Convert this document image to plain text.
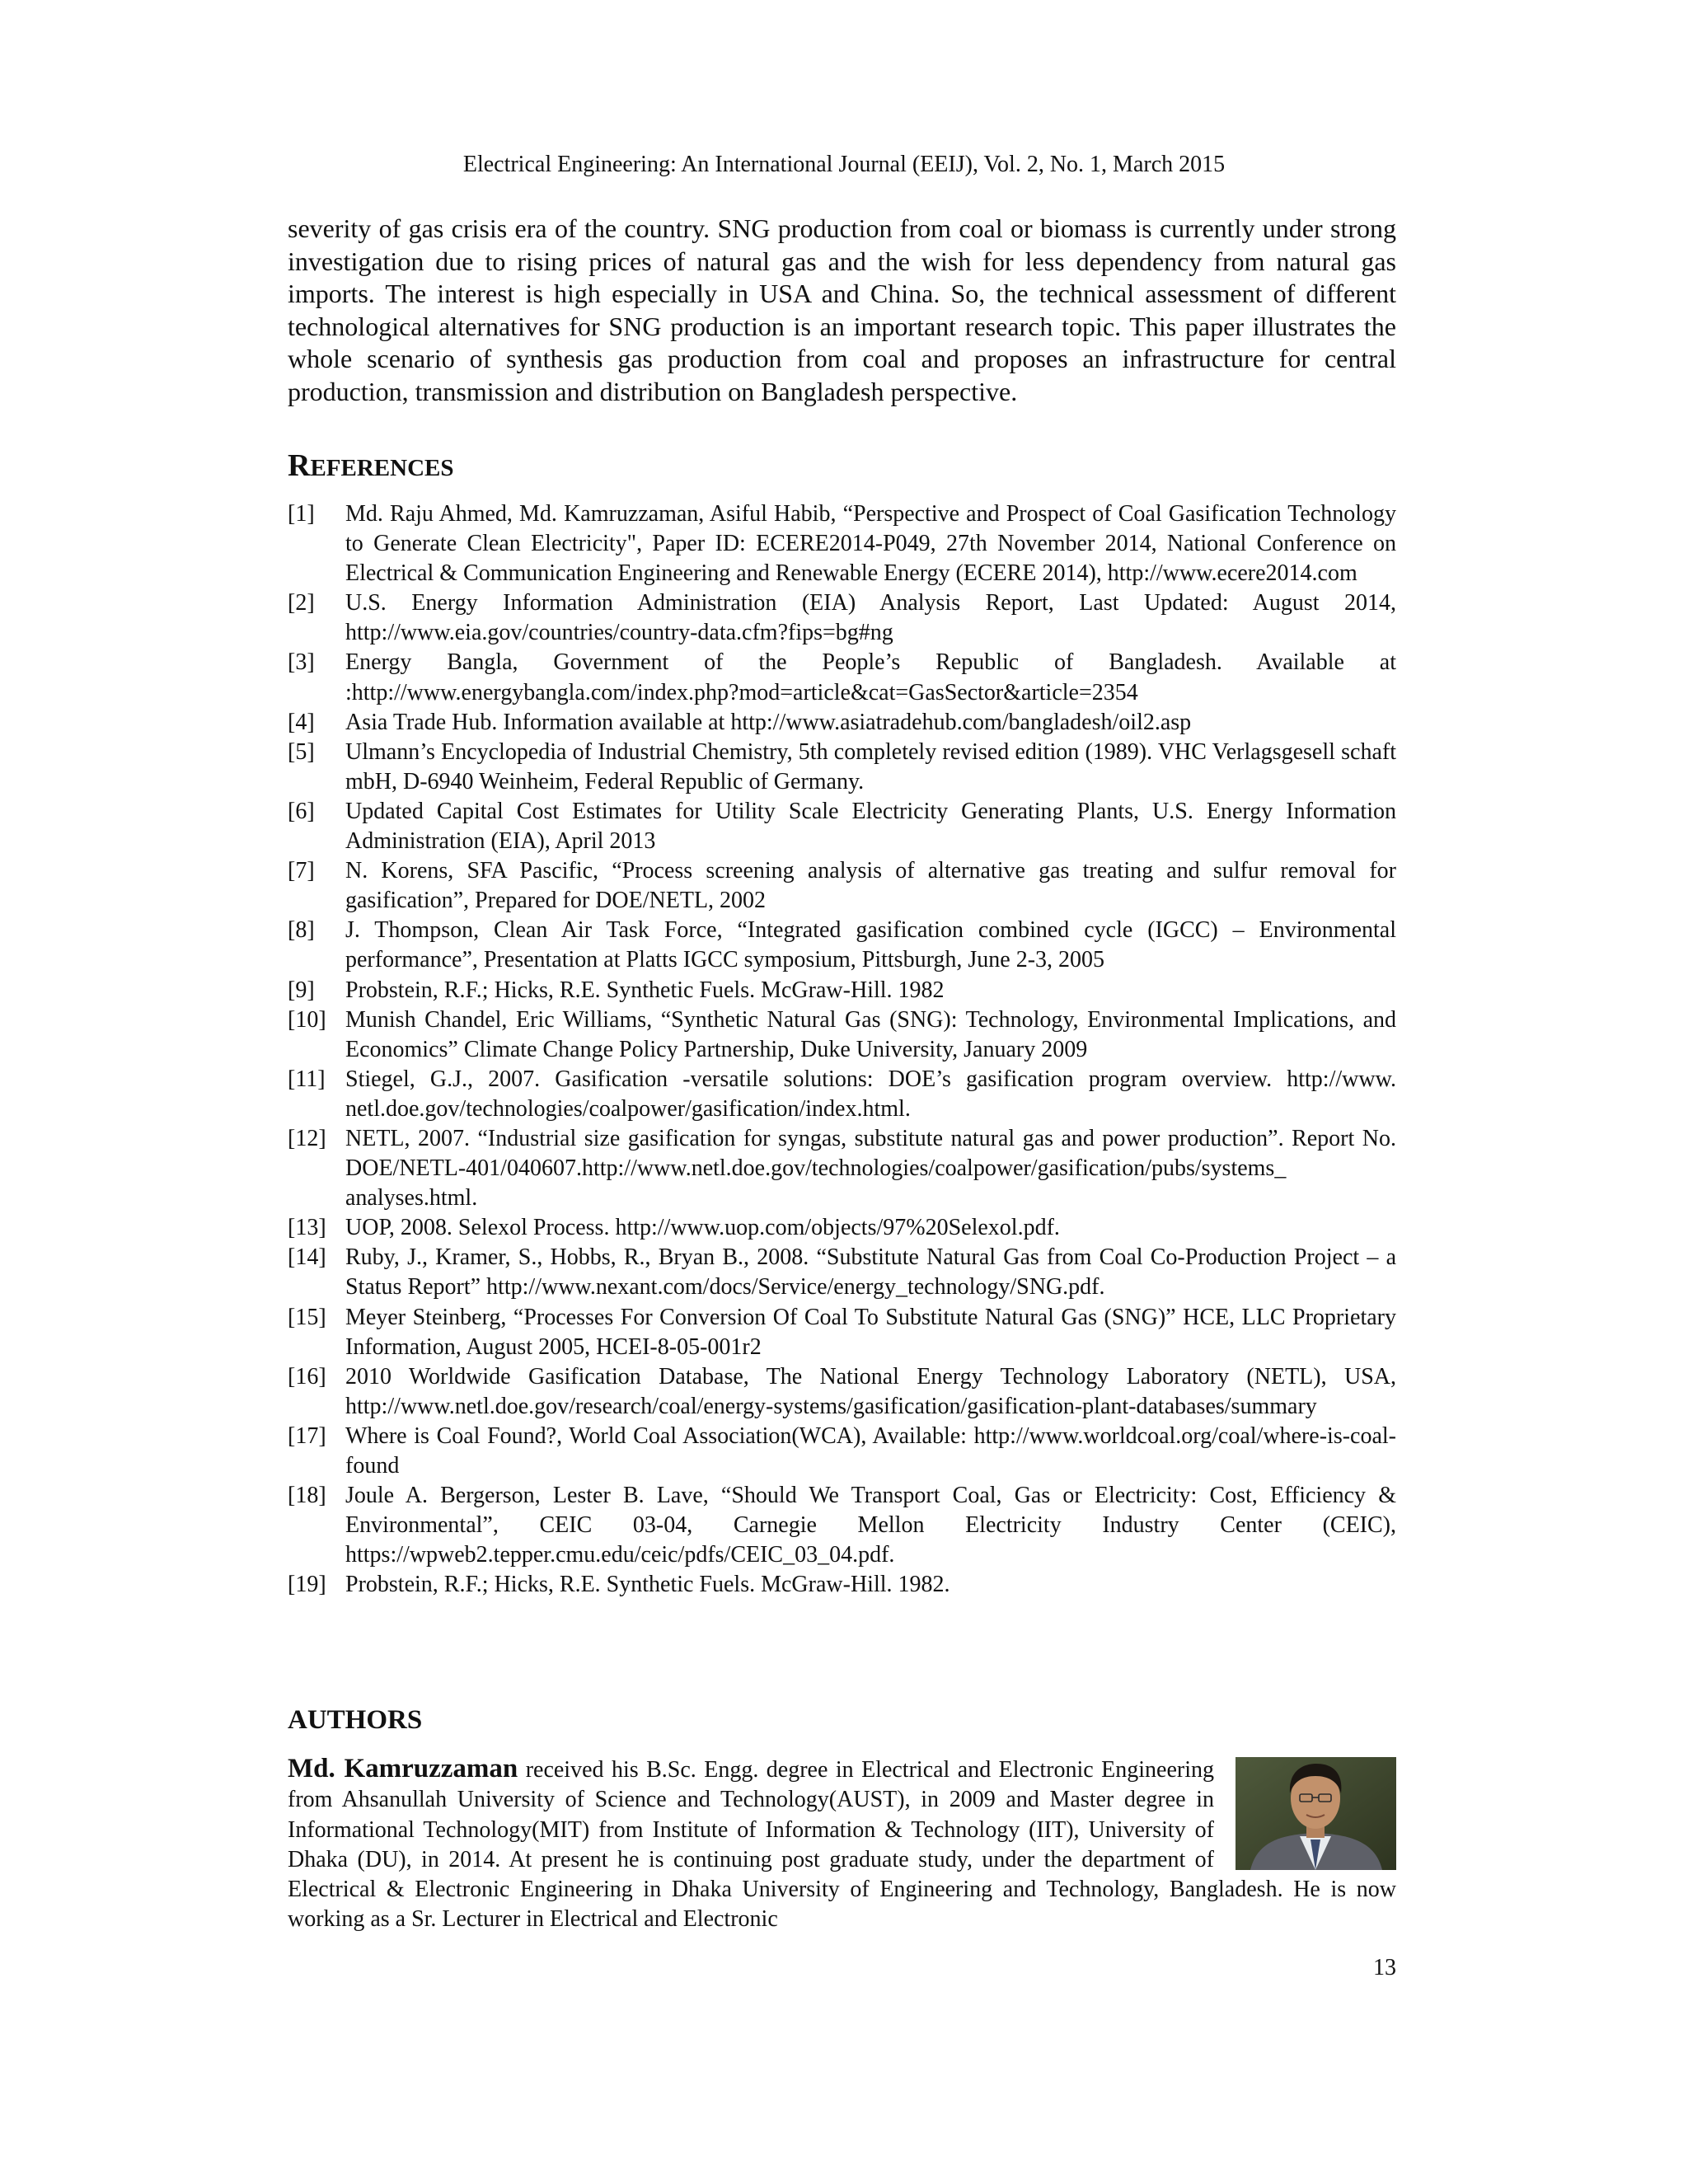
Electrical Engineering: An International Journal (EEIJ), Vol. 2, No. 1, March 2015

severity of gas crisis era of the country. SNG production from coal or biomass is currently under strong investigation due to rising prices of natural gas and the wish for less dependency from natural gas imports. The interest is high especially in USA and China. So, the technical assessment of different technological alternatives for SNG production is an important research topic. This paper illustrates the whole scenario of synthesis gas production from coal and proposes an infrastructure for central production, transmission and distribution on Bangladesh perspective.

REFERENCES
[1] Md. Raju Ahmed, Md. Kamruzzaman, Asiful Habib, “Perspective and Prospect of Coal Gasification Technology to Generate Clean Electricity", Paper ID: ECERE2014-P049, 27th November 2014, National Conference on Electrical & Communication Engineering and Renewable Energy (ECERE 2014), http://www.ecere2014.com
[2] U.S. Energy Information Administration (EIA) Analysis Report, Last Updated: August 2014, http://www.eia.gov/countries/country-data.cfm?fips=bg#ng
[3] Energy Bangla, Government of the People’s Republic of Bangladesh. Available at :http://www.energybangla.com/index.php?mod=article&cat=GasSector&article=2354
[4] Asia Trade Hub. Information available at http://www.asiatradehub.com/bangladesh/oil2.asp
[5] Ulmann’s Encyclopedia of Industrial Chemistry, 5th completely revised edition (1989). VHC Verlagsgesell schaft mbH, D-6940 Weinheim, Federal Republic of Germany.
[6] Updated Capital Cost Estimates for Utility Scale Electricity Generating Plants, U.S. Energy Information Administration (EIA), April 2013
[7] N. Korens, SFA Pascific, “Process screening analysis of alternative gas treating and sulfur removal for gasification”, Prepared for DOE/NETL, 2002
[8] J. Thompson, Clean Air Task Force, “Integrated gasification combined cycle (IGCC) – Environmental performance”, Presentation at Platts IGCC symposium, Pittsburgh, June 2-3, 2005
[9] Probstein, R.F.; Hicks, R.E. Synthetic Fuels. McGraw-Hill. 1982
[10] Munish Chandel, Eric Williams, “Synthetic Natural Gas (SNG): Technology, Environmental Implications, and Economics” Climate Change Policy Partnership, Duke University, January 2009
[11] Stiegel, G.J., 2007. Gasification -versatile solutions: DOE’s gasification program overview. http://www. netl.doe.gov/technologies/coalpower/gasification/index.html.
[12] NETL, 2007. “Industrial size gasification for syngas, substitute natural gas and power production”. Report No. DOE/NETL-401/040607.http://www.netl.doe.gov/technologies/coalpower/gasification/pubs/systems_ analyses.html.
[13] UOP, 2008. Selexol Process. http://www.uop.com/objects/97%20Selexol.pdf.
[14] Ruby, J., Kramer, S., Hobbs, R., Bryan B., 2008. “Substitute Natural Gas from Coal Co-Production Project – a Status Report” http://www.nexant.com/docs/Service/energy_technology/SNG.pdf.
[15] Meyer Steinberg, “Processes For Conversion Of Coal To Substitute Natural Gas (SNG)” HCE, LLC Proprietary Information, August 2005, HCEI-8-05-001r2
[16] 2010 Worldwide Gasification Database, The National Energy Technology Laboratory (NETL), USA, http://www.netl.doe.gov/research/coal/energy-systems/gasification/gasification-plant-databases/summary
[17] Where is Coal Found?, World Coal Association(WCA), Available: http://www.worldcoal.org/coal/where-is-coal-found
[18] Joule A. Bergerson, Lester B. Lave, “Should We Transport Coal, Gas or Electricity: Cost, Efficiency & Environmental”, CEIC 03-04, Carnegie Mellon Electricity Industry Center (CEIC), https://wpweb2.tepper.cmu.edu/ceic/pdfs/CEIC_03_04.pdf.
[19] Probstein, R.F.; Hicks, R.E. Synthetic Fuels. McGraw-Hill. 1982.
AUTHORS

Md. Kamruzzaman received his B.Sc. Engg. degree in Electrical and Electronic Engineering from Ahsanullah University of Science and Technology(AUST), in 2009 and Master degree in Informational Technology(MIT) from Institute of Information & Technology (IIT), University of Dhaka (DU), in 2014. At present he is continuing post graduate study, under the department of Electrical & Electronic Engineering in Dhaka University of Engineering and Technology, Bangladesh. He is now working as a Sr. Lecturer in Electrical and Electronic

13
